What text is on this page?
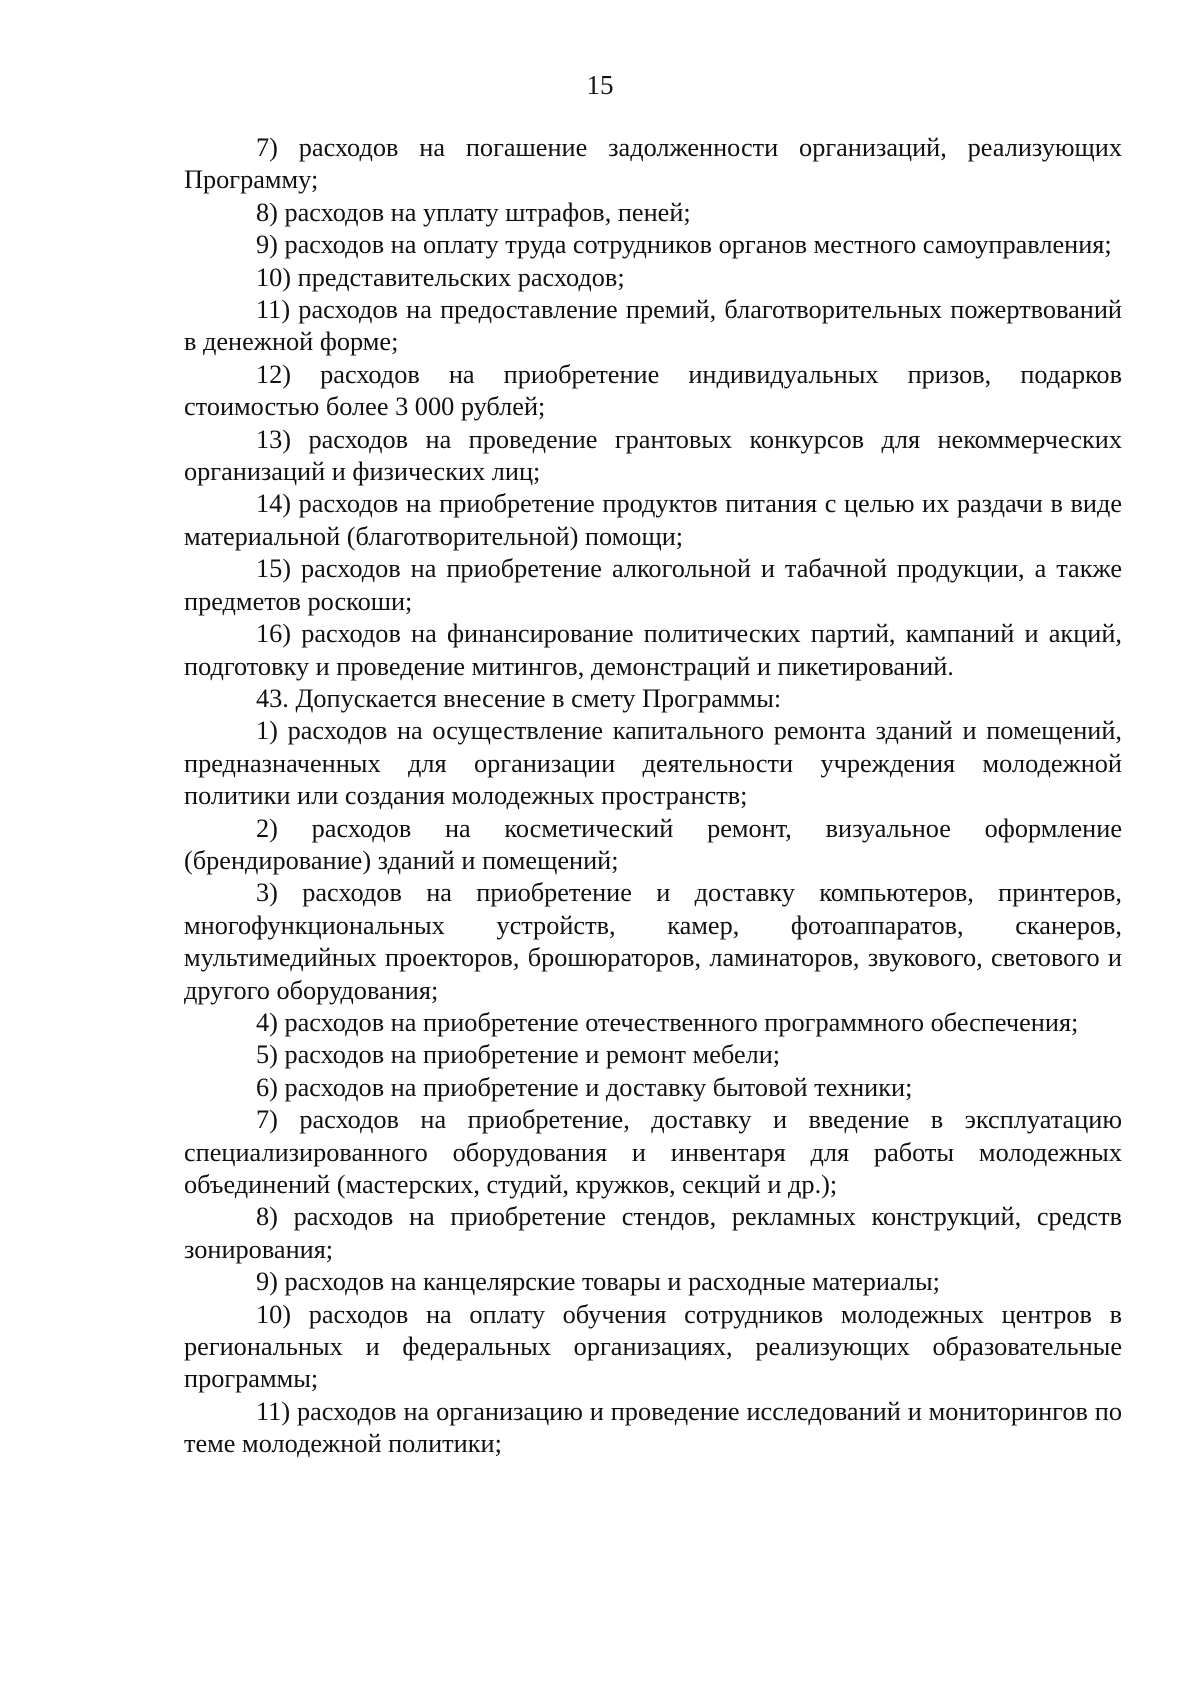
15

7) расходов на погашение задолженности организаций, реализующих Программу;

8) расходов на уплату штрафов, пеней;

9) расходов на оплату труда сотрудников органов местного самоуправления;

10) представительских расходов;

11) расходов на предоставление премий, благотворительных пожертвований в денежной форме;

12) расходов на приобретение индивидуальных призов, подарков стоимостью более 3 000 рублей;

13) расходов на проведение грантовых конкурсов для некоммерческих организаций и физических лиц;

14) расходов на приобретение продуктов питания с целью их раздачи в виде материальной (благотворительной) помощи;

15) расходов на приобретение алкогольной и табачной продукции, а также предметов роскоши;

16) расходов на финансирование политических партий, кампаний и акций, подготовку и проведение митингов, демонстраций и пикетирований.

43. Допускается внесение в смету Программы:

1) расходов на осуществление капитального ремонта зданий и помещений, предназначенных для организации деятельности учреждения молодежной политики или создания молодежных пространств;

2) расходов на косметический ремонт, визуальное оформление (брендирование) зданий и помещений;

3) расходов на приобретение и доставку компьютеров, принтеров, многофункциональных устройств, камер, фотоаппаратов, сканеров, мультимедийных проекторов, брошюраторов, ламинаторов, звукового, светового и другого оборудования;

4) расходов на приобретение отечественного программного обеспечения;

5) расходов на приобретение и ремонт мебели;

6) расходов на приобретение и доставку бытовой техники;

7) расходов на приобретение, доставку и введение в эксплуатацию специализированного оборудования и инвентаря для работы молодежных объединений (мастерских, студий, кружков, секций и др.);

8) расходов на приобретение стендов, рекламных конструкций, средств зонирования;

9) расходов на канцелярские товары и расходные материалы;

10) расходов на оплату обучения сотрудников молодежных центров в региональных и федеральных организациях, реализующих образовательные программы;

11) расходов на организацию и проведение исследований и мониторингов по теме молодежной политики;
